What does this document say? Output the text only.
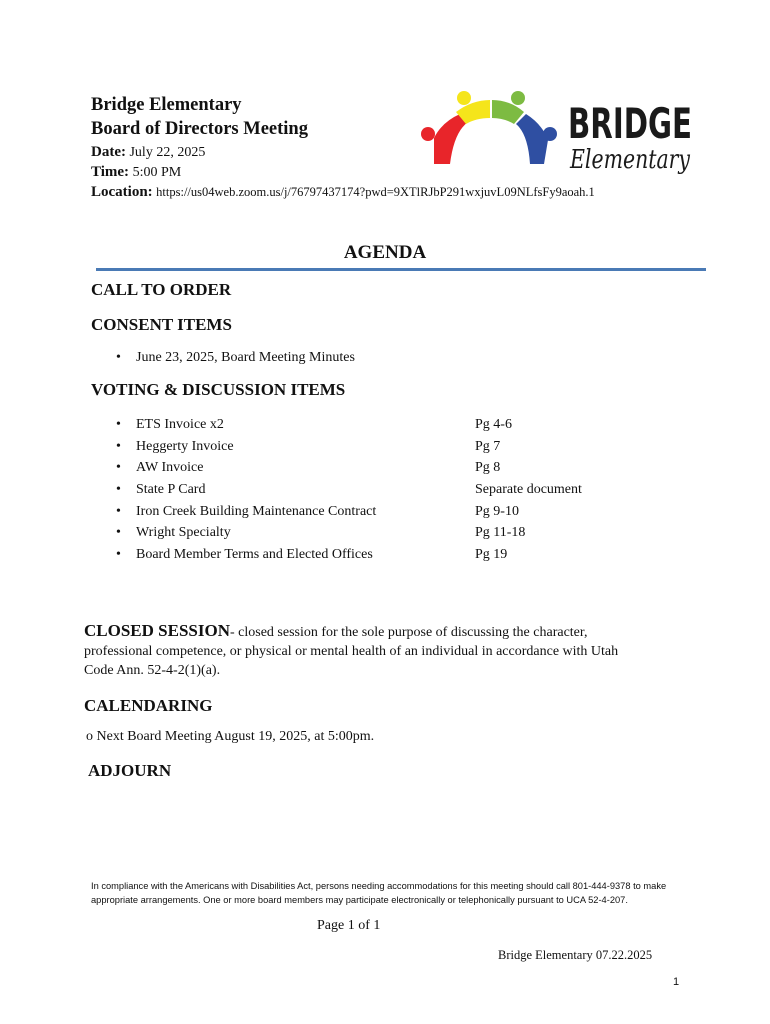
Bridge Elementary
Board of Directors Meeting
Date: July 22, 2025
Time: 5:00 PM
Location: https://us04web.zoom.us/j/76797437174?pwd=9XTlRJbP291wxjuvL09NLfsFy9aoah.1
BRIDGE
Elementary
AGENDA
CALL TO ORDER
CONSENT ITEMS
• June 23, 2025, Board Meeting Minutes
VOTING & DISCUSSION ITEMS
• ETS Invoice x2
• Heggerty Invoice
• AW Invoice
• State P Card
• Iron Creek Building Maintenance Contract
• Wright Specialty
• Board Member Terms and Elected Offices
Pg 4-6
Pg 7
Pg 8
Separate document
Pg 9-10
Pg 11-18
Pg 19
CLOSED SESSION- closed session for the sole purpose of discussing the character, professional competence, or physical or mental health of an individual in accordance with Utah Code Ann. 52-4-2(1)(a).
CALENDARING
o Next Board Meeting August 19, 2025, at 5:00pm.
ADJOURN
In compliance with the Americans with Disabilities Act, persons needing accommodations for this meeting should call 801-444-9378 to make
appropriate arrangements. One or more board members may participate electronically or telephonically pursuant to UCA 52-4-207.
Page 1 of 1
Bridge Elementary 07.22.2025
1
